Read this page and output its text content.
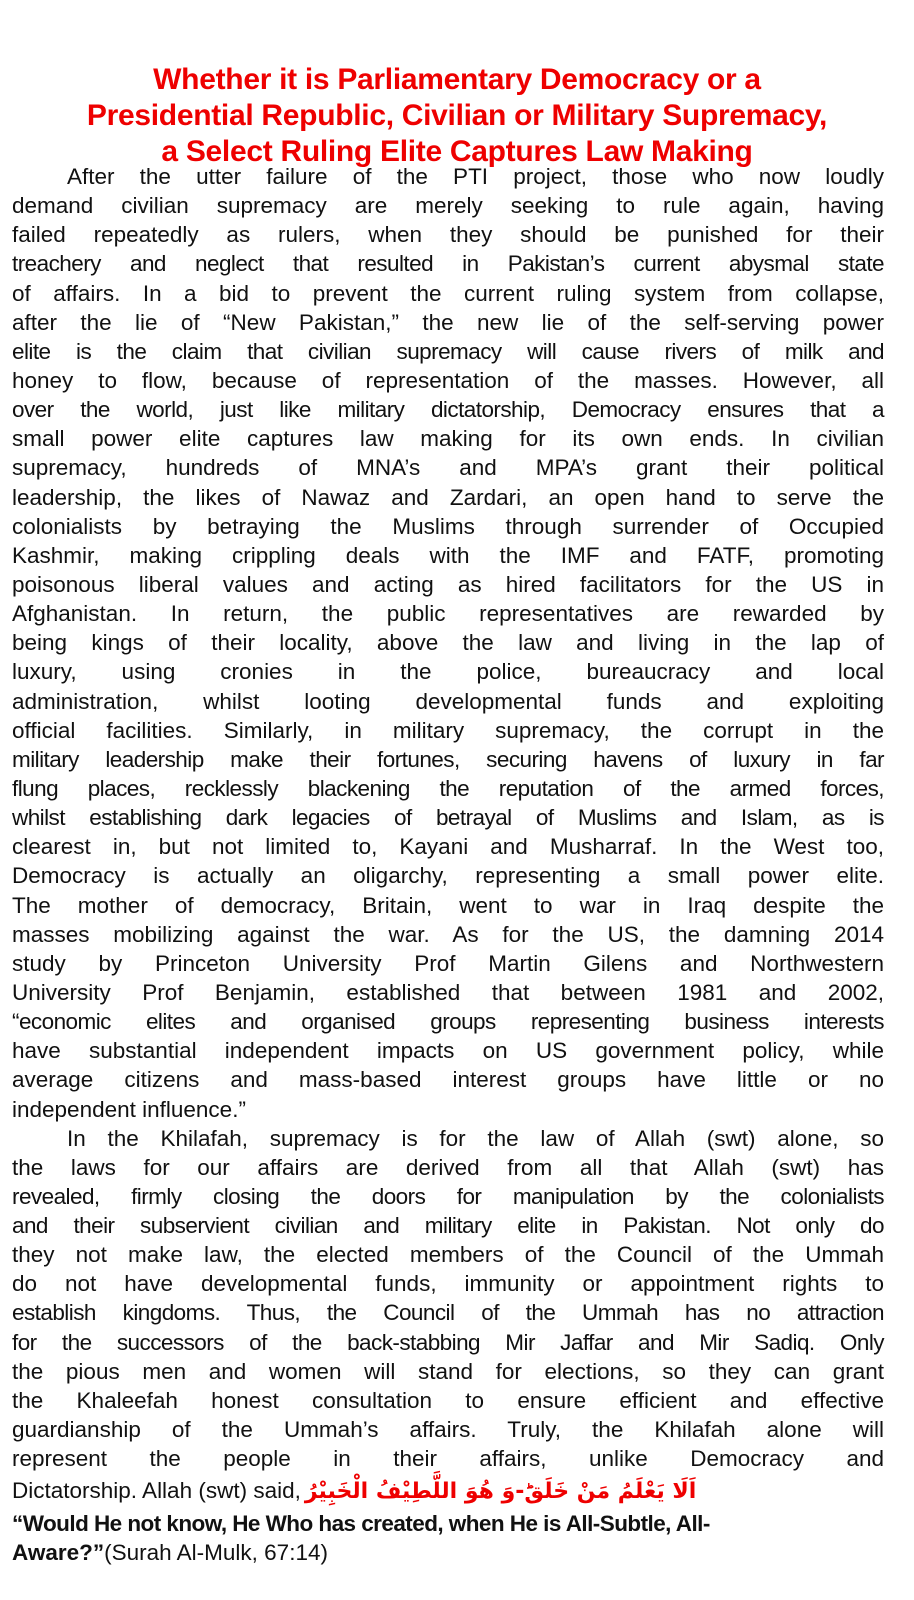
Whether it is Parliamentary Democracy or a
Presidential Republic, Civilian or Military Supremacy,
a Select Ruling Elite Captures Law Making
After the utter failure of the PTI project, those who now loudly
demand civilian supremacy are merely seeking to rule again, having
failed repeatedly as rulers, when they should be punished for their
treachery and neglect that resulted in Pakistan’s current abysmal state
of affairs. In a bid to prevent the current ruling system from collapse,
after the lie of “New Pakistan,” the new lie of the self-serving power
elite is the claim that civilian supremacy will cause rivers of milk and
honey to flow, because of representation of the masses. However, all
over the world, just like military dictatorship, Democracy ensures that a
small power elite captures law making for its own ends. In civilian
supremacy, hundreds of MNA’s and MPA’s grant their political
leadership, the likes of Nawaz and Zardari, an open hand to serve the
colonialists by betraying the Muslims through surrender of Occupied
Kashmir, making crippling deals with the IMF and FATF, promoting
poisonous liberal values and acting as hired facilitators for the US in
Afghanistan. In return, the public representatives are rewarded by
being kings of their locality, above the law and living in the lap of
luxury, using cronies in the police, bureaucracy and local
administration, whilst looting developmental funds and exploiting
official facilities. Similarly, in military supremacy, the corrupt in the
military leadership make their fortunes, securing havens of luxury in far
flung places, recklessly blackening the reputation of the armed forces,
whilst establishing dark legacies of betrayal of Muslims and Islam, as is
clearest in, but not limited to, Kayani and Musharraf. In the West too,
Democracy is actually an oligarchy, representing a small power elite.
The mother of democracy, Britain, went to war in Iraq despite the
masses mobilizing against the war. As for the US, the damning 2014
study by Princeton University Prof Martin Gilens and Northwestern
University Prof Benjamin, established that between 1981 and 2002,
“economic elites and organised groups representing business interests
have substantial independent impacts on US government policy, while
average citizens and mass-based interest groups have little or no
independent influence.”
In the Khilafah, supremacy is for the law of Allah (swt) alone, so
the laws for our affairs are derived from all that Allah (swt) has
revealed, firmly closing the doors for manipulation by the colonialists
and their subservient civilian and military elite in Pakistan. Not only do
they not make law, the elected members of the Council of the Ummah
do not have developmental funds, immunity or appointment rights to
establish kingdoms. Thus, the Council of the Ummah has no attraction
for the successors of the back-stabbing Mir Jaffar and Mir Sadiq. Only
the pious men and women will stand for elections, so they can grant
the Khaleefah honest consultation to ensure efficient and effective
guardianship of the Ummah’s affairs. Truly, the Khilafah alone will
represent the people in their affairs, unlike Democracy and
Dictatorship. Allah (swt) said, اَلَا يَعْلَمُ مَنْ خَلَقَؕ-وَ هُوَ اللَّطِيْفُ الْخَبِيْرُ
“Would He not know, He Who has created, when He is All-Subtle, All-
Aware?”(Surah Al-Mulk, 67:14)
